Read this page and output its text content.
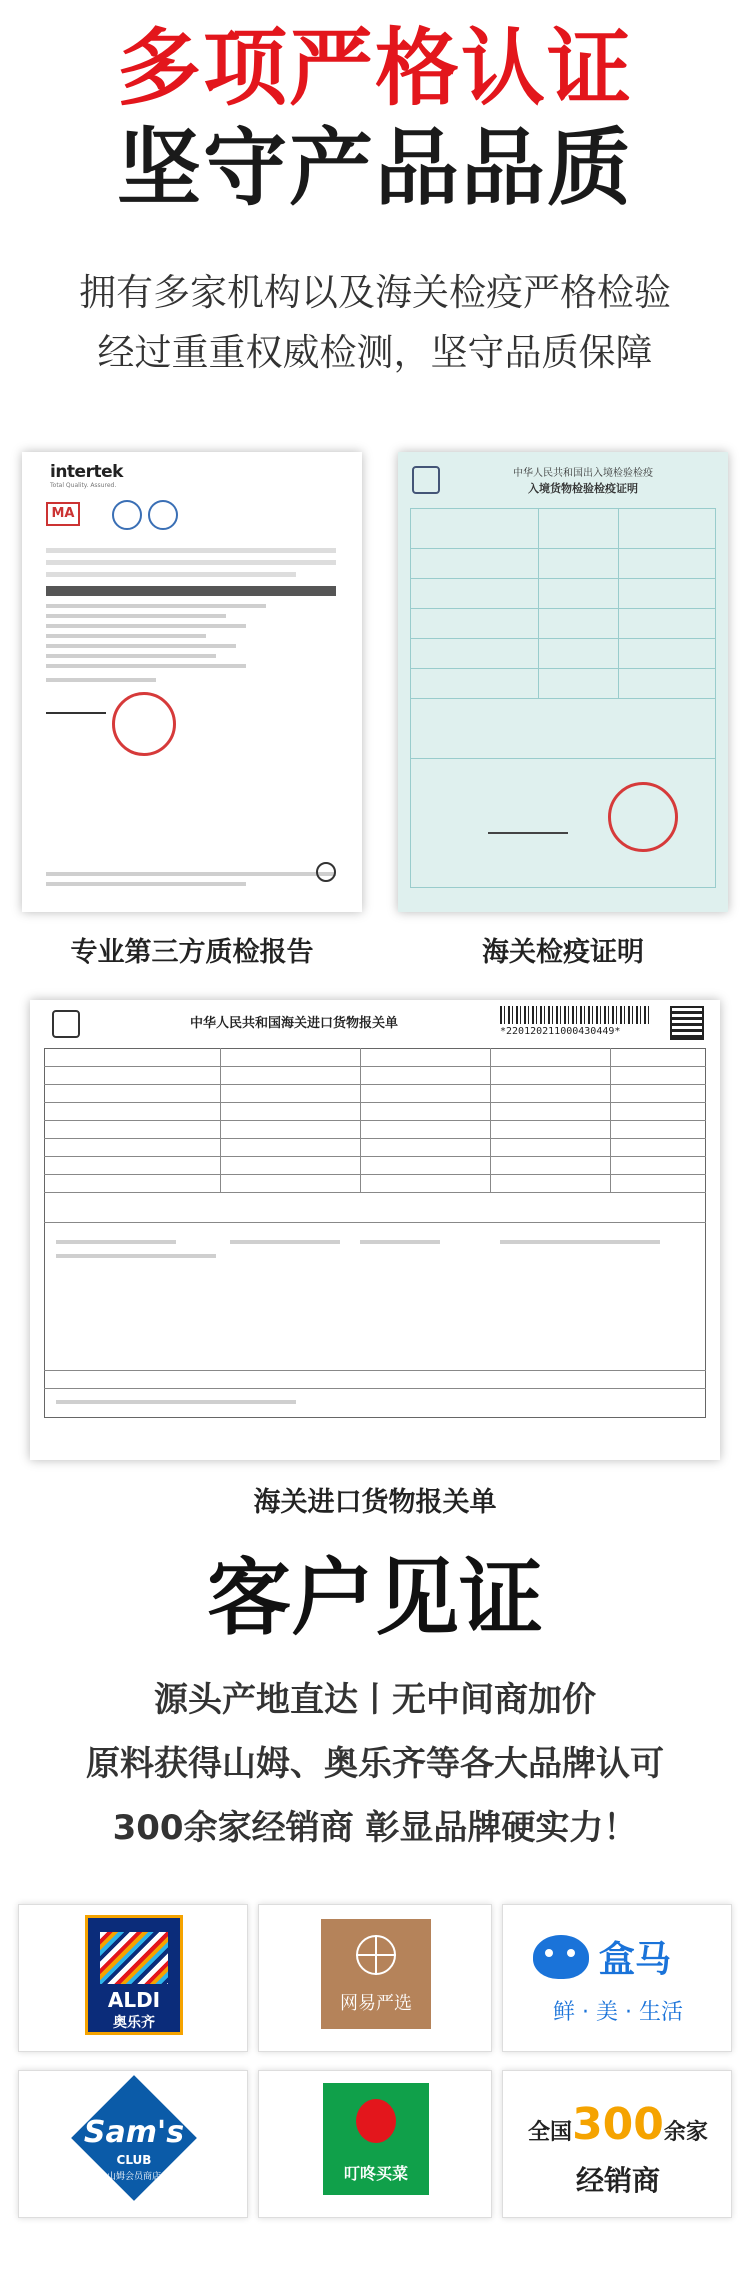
多项严格认证
坚守产品品质
拥有多家机构以及海关检疫严格检验
经过重重权威检测，坚守品质保障
intertek
Total Quality. Assured.
MA
专业第三方质检报告
中华人民共和国出入境检验检疫
入境货物检验检疫证明
海关检疫证明
中华人民共和国海关进口货物报关单
*220120211000430449*
海关进口货物报关单
客户见证
源头产地直达丨无中间商加价
原料获得山姆、奥乐齐等各大品牌认可
300余家经销商 彰显品牌硬实力！
ALDI
奥乐齐
网易严选
盒马
鲜 · 美 · 生活
Sam's
CLUB
山姆会员商店	叮咚买菜
全国300余家
经销商
